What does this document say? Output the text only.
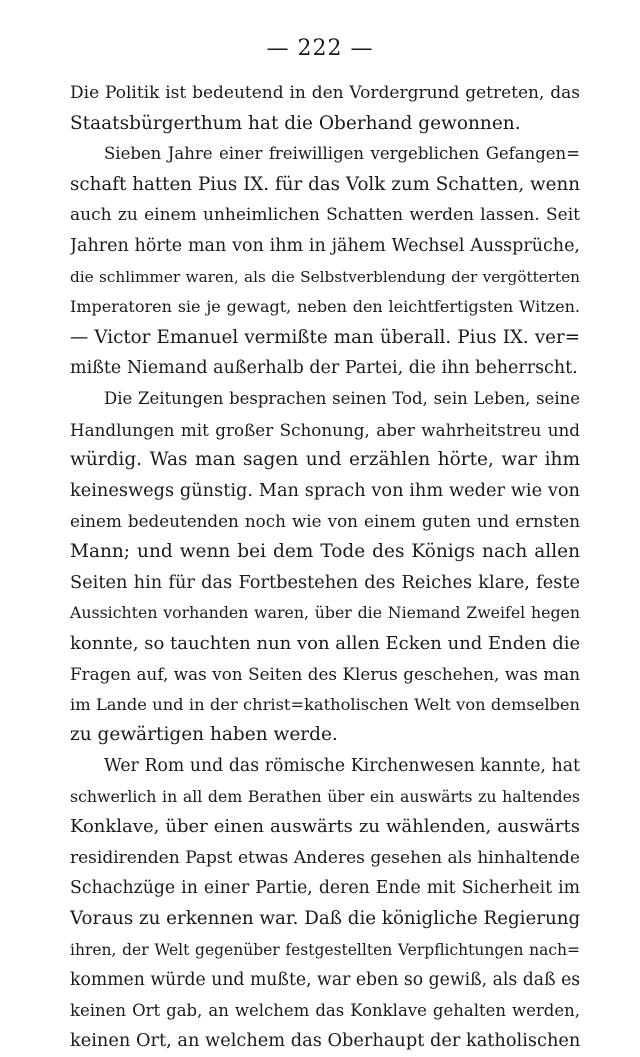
— 222 —
Die Politik ist bedeutend in den Vordergrund getreten, das
Staatsbürgerthum hat die Oberhand gewonnen.
Sieben Jahre einer freiwilligen vergeblichen Gefangen=
schaft hatten Pius IX. für das Volk zum Schatten, wenn
auch zu einem unheimlichen Schatten werden lassen. Seit
Jahren hörte man von ihm in jähem Wechsel Aussprüche,
die schlimmer waren, als die Selbstverblendung der vergötterten
Imperatoren sie je gewagt, neben den leichtfertigsten Witzen.
— Victor Emanuel vermißte man überall. Pius IX. ver=
mißte Niemand außerhalb der Partei, die ihn beherrscht.
Die Zeitungen besprachen seinen Tod, sein Leben, seine
Handlungen mit großer Schonung, aber wahrheitstreu und
würdig. Was man sagen und erzählen hörte, war ihm
keineswegs günstig. Man sprach von ihm weder wie von
einem bedeutenden noch wie von einem guten und ernsten
Mann; und wenn bei dem Tode des Königs nach allen
Seiten hin für das Fortbestehen des Reiches klare, feste
Aussichten vorhanden waren, über die Niemand Zweifel hegen
konnte, so tauchten nun von allen Ecken und Enden die
Fragen auf, was von Seiten des Klerus geschehen, was man
im Lande und in der christ=katholischen Welt von demselben
zu gewärtigen haben werde.
Wer Rom und das römische Kirchenwesen kannte, hat
schwerlich in all dem Berathen über ein auswärts zu haltendes
Konklave, über einen auswärts zu wählenden, auswärts
residirenden Papst etwas Anderes gesehen als hinhaltende
Schachzüge in einer Partie, deren Ende mit Sicherheit im
Voraus zu erkennen war. Daß die königliche Regierung
ihren, der Welt gegenüber festgestellten Verpflichtungen nach=
kommen würde und mußte, war eben so gewiß, als daß es
keinen Ort gab, an welchem das Konklave gehalten werden,
keinen Ort, an welchem das Oberhaupt der katholischen
